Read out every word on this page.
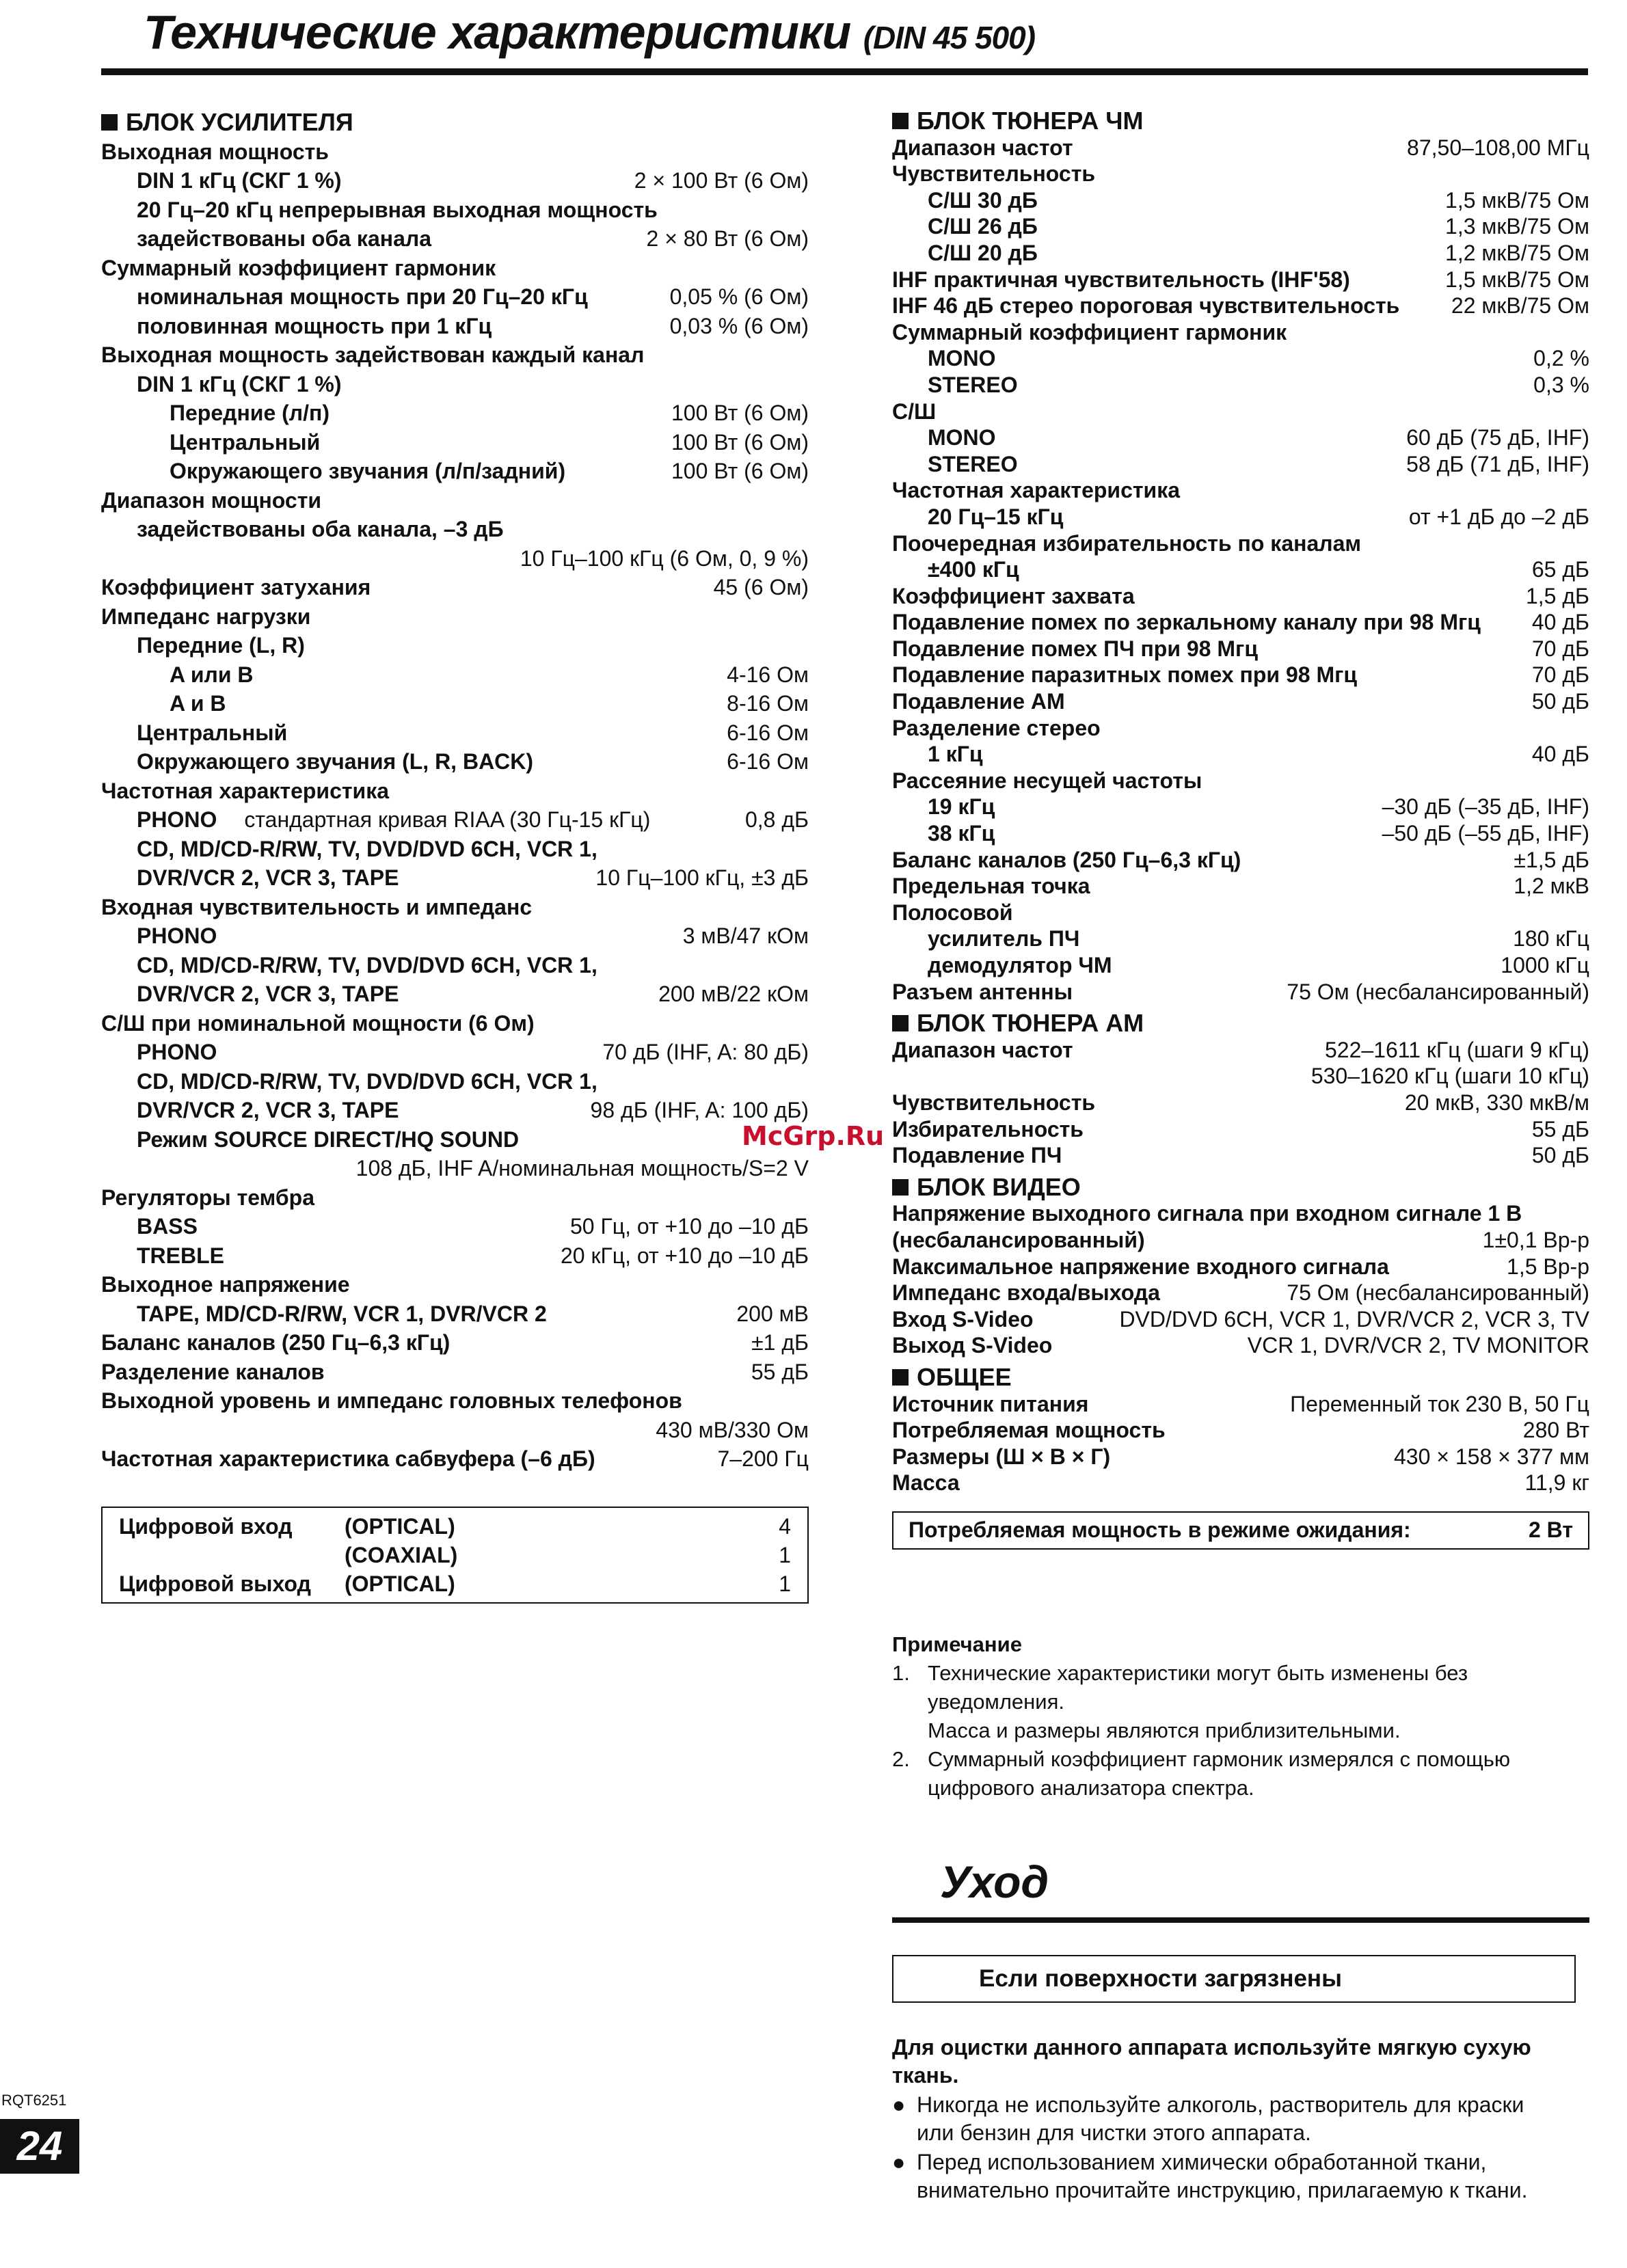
Технические характеристики (DIN 45 500)
БЛОК УСИЛИТЕЛЯ
Выходная мощность
DIN 1 кГц (СКГ 1 %)	2 × 100 Вт (6 Ом)
20 Гц–20 кГц непрерывная выходная мощность
задействованы оба канала	2 × 80 Вт (6 Ом)
Суммарный коэффициент гармоник
номинальная мощность при 20 Гц–20 кГц	0,05 % (6 Ом)
половинная мощность при 1 кГц	0,03 % (6 Ом)
Выходная мощность задействован каждый канал
DIN 1 кГц (СКГ 1 %)
Передние (л/п)	100 Вт (6 Ом)
Центральный	100 Вт (6 Ом)
Окружающего звучания (л/п/задний)	100 Вт (6 Ом)
Диапазон мощности
задействованы оба канала, –3 дБ
10 Гц–100 кГц (6 Ом, 0, 9 %)
Коэффициент затухания	45 (6 Ом)
Импеданс нагрузки
Передние (L, R)
A или B	4-16 Ом
A и B	8-16 Ом
Центральный	6-16 Ом
Окружающего звучания (L, R, BACK)	6-16 Ом
Частотная характеристика
PHONO	стандартная кривая RIAA (30 Гц-15 кГц)	0,8 дБ
CD, MD/CD-R/RW, TV, DVD/DVD 6CH, VCR 1,
DVR/VCR 2, VCR 3, TAPE	10 Гц–100 кГц, ±3 дБ
Входная чувствительность и импеданс
PHONO	3 мВ/47 кОм
CD, MD/CD-R/RW, TV, DVD/DVD 6CH, VCR 1,
DVR/VCR 2, VCR 3, TAPE	200 мВ/22 кОм
С/Ш при номинальной мощности (6 Ом)
PHONO	70 дБ (IHF, A: 80 дБ)
CD, MD/CD-R/RW, TV, DVD/DVD 6CH, VCR 1,
DVR/VCR 2, VCR 3, TAPE	98 дБ (IHF, A: 100 дБ)
Режим SOURCE DIRECT/HQ SOUND
108 дБ, IHF A/номинальная мощность/S=2 V
Регуляторы тембра
BASS	50 Гц, от +10 до –10 дБ
TREBLE	20 кГц, от +10 до –10 дБ
Выходное напряжение
TAPE, MD/CD-R/RW, VCR 1, DVR/VCR 2	200 мВ
Баланс каналов (250 Гц–6,3 кГц)	±1 дБ
Разделение каналов	55 дБ
Выходной уровень и импеданс головных телефонов
430 мВ/330 Ом
Частотная характеристика сабвуфера (–6 дБ)	7–200 Гц
Цифровой вход	(OPTICAL)	4
(COAXIAL)	1
Цифровой выход	(OPTICAL)	1
БЛОК ТЮНЕРА ЧМ
Диапазон частот	87,50–108,00 МГц
Чувствительность
С/Ш 30 дБ	1,5 мкВ/75 Ом
С/Ш 26 дБ	1,3 мкВ/75 Ом
С/Ш 20 дБ	1,2 мкВ/75 Ом
IHF практичная чувствительность (IHF'58)	1,5 мкВ/75 Ом
IHF 46 дБ стерео пороговая чувствительность 22 мкВ/75 Ом
Суммарный коэффициент гармоник
MONO	0,2 %
STEREO	0,3 %
С/Ш
MONO	60 дБ (75 дБ, IHF)
STEREO	58 дБ (71 дБ, IHF)
Частотная характеристика
20 Гц–15 кГц	от +1 дБ до –2 дБ
Поочередная избирательность по каналам
±400 кГц	65 дБ
Коэффициент захвата	1,5 дБ
Подавление помех по зеркальному каналу при 98 Мгц 40 дБ
Подавление помех ПЧ при 98 Мгц	70 дБ
Подавление паразитных помех при 98 Мгц	70 дБ
Подавление AM	50 дБ
Разделение стерео
1 кГц	40 дБ
Рассеяние несущей частоты
19 кГц	–30 дБ (–35 дБ, IHF)
38 кГц	–50 дБ (–55 дБ, IHF)
Баланс каналов (250 Гц–6,3 кГц)	±1,5 дБ
Предельная точка	1,2 мкВ
Полосовой
усилитель ПЧ	180 кГц
демодулятор ЧМ	1000 кГц
Разъем антенны	75 Ом (несбалансированный)
БЛОК ТЮНЕРА AM
Диапазон частот	522–1611 кГц (шаги 9 кГц)
530–1620 кГц (шаги 10 кГц)
Чувствительность	20 мкВ, 330 мкВ/м
Избирательность	55 дБ
Подавление ПЧ	50 дБ
БЛОК ВИДЕО
Напряжение выходного сигнала при входном сигнале 1 В
(несбалансированный)	1±0,1 Вр-р
Максимальное напряжение входного сигнала	1,5 Вр-р
Импеданс входа/выхода	75 Ом (несбалансированный)
Вход S-Video	DVD/DVD 6CH, VCR 1, DVR/VCR 2, VCR 3, TV
Выход S-Video	VCR 1, DVR/VCR 2, TV MONITOR
ОБЩЕЕ
Источник питания	Переменный ток 230 В, 50 Гц
Потребляемая мощность	280 Вт
Размеры (Ш × В × Г)	430 × 158 × 377 мм
Масса	11,9 кг
Потребляемая мощность в режиме ожидания:	2 Вт
Примечание
1. Технические характеристики могут быть изменены без
уведомления.
Масса и размеры являются приблизительными.
2. Суммарный коэффициент гармоник измерялся с помощью
цифрового анализатора спектра.
Уход
Если поверхности загрязнены
Для оцистки данного аппарата используйте мягкую сухую
ткань.
● Никогда не используйте алкоголь, растворитель для краски
или бензин для чистки этого аппарата.
● Перед использованием химически обработанной ткани,
внимательно прочитайте инструкцию, прилагаемую к ткани.
McGrp.Ru
RQT6251
24
